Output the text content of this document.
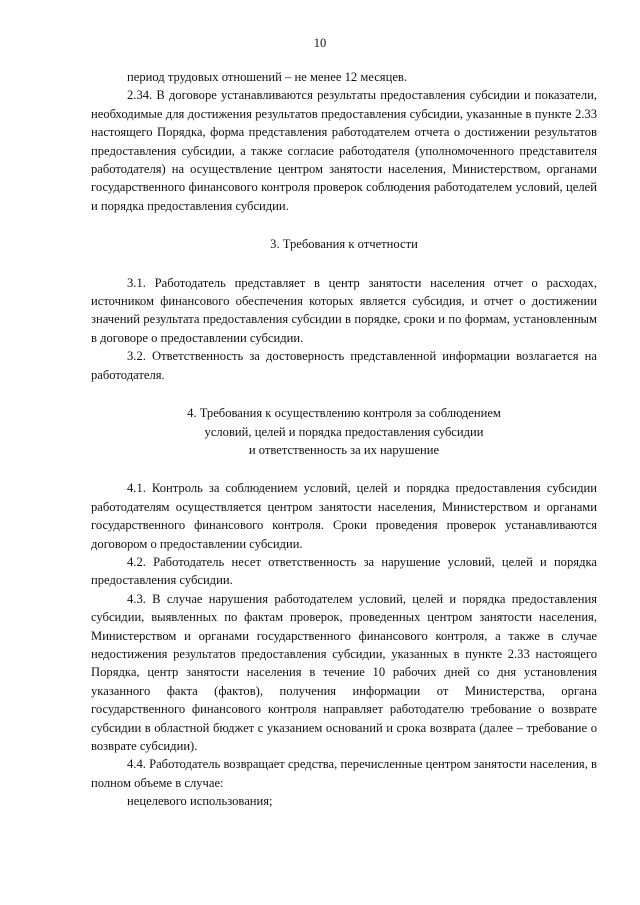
10

период трудовых отношений – не менее 12 месяцев.

2.34. В договоре устанавливаются результаты предоставления субсидии и показатели, необходимые для достижения результатов предоставления субсидии, указанные в пункте 2.33 настоящего Порядка, форма представления работодателем отчета о достижении результатов предоставления субсидии, а также согласие работодателя (уполномоченного представителя работодателя) на осуществление центром занятости населения, Министерством, органами государственного финансового контроля проверок соблюдения работодателем условий, целей и порядка предоставления субсидии.

3. Требования к отчетности

3.1. Работодатель представляет в центр занятости населения отчет о расходах, источником финансового обеспечения которых является субсидия, и отчет о достижении значений результата предоставления субсидии в порядке, сроки и по формам, установленным в договоре о предоставлении субсидии.

3.2. Ответственность за достоверность представленной информации возлагается на работодателя.

4. Требования к осуществлению контроля за соблюдением
условий, целей и порядка предоставления субсидии
и ответственность за их нарушение

4.1. Контроль за соблюдением условий, целей и порядка предоставления субсидии работодателям осуществляется центром занятости населения, Министерством и органами государственного финансового контроля. Сроки проведения проверок устанавливаются договором о предоставлении субсидии.

4.2. Работодатель несет ответственность за нарушение условий, целей и порядка предоставления субсидии.

4.3. В случае нарушения работодателем условий, целей и порядка предоставления субсидии, выявленных по фактам проверок, проведенных центром занятости населения, Министерством и органами государственного финансового контроля, а также в случае недостижения результатов предоставления субсидии, указанных в пункте 2.33 настоящего Порядка, центр занятости населения в течение 10 рабочих дней со дня установления указанного факта (фактов), получения информации от Министерства, органа государственного финансового контроля направляет работодателю требование о возврате субсидии в областной бюджет с указанием оснований и срока возврата (далее – требование о возврате субсидии).

4.4. Работодатель возвращает средства, перечисленные центром занятости населения, в полном объеме в случае:

нецелевого использования;
